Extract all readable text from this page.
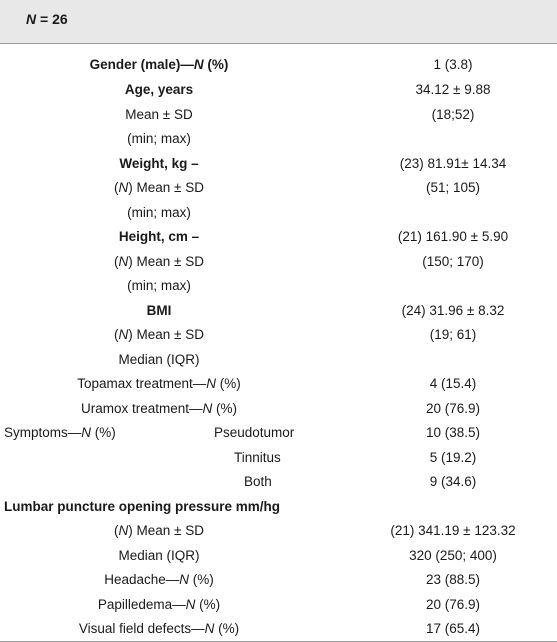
N = 26
Gender (male)—N (%)	1 (3.8)
Age, years	34.12 ± 9.88
Mean ± SD	(18;52)
(min; max)
Weight, kg –	(23) 81.91± 14.34
(N) Mean ± SD	(51; 105)
(min; max)
Height, cm –	(21) 161.90 ± 5.90
(N) Mean ± SD	(150; 170)
(min; max)
BMI	(24) 31.96 ± 8.32
(N) Mean ± SD	(19; 61)
Median (IQR)
Topamax treatment—N (%)	4 (15.4)
Uramox treatment—N (%)	20 (76.9)
Symptoms—N (%)	Pseudotumor	10 (38.5)
Tinnitus	5 (19.2)
Both	9 (34.6)
Lumbar puncture opening pressure mm/hg
(N) Mean ± SD	(21) 341.19 ± 123.32
Median (IQR)	320 (250; 400)
Headache—N (%)	23 (88.5)
Papilledema—N (%)	20 (76.9)
Visual field defects—N (%)	17 (65.4)
